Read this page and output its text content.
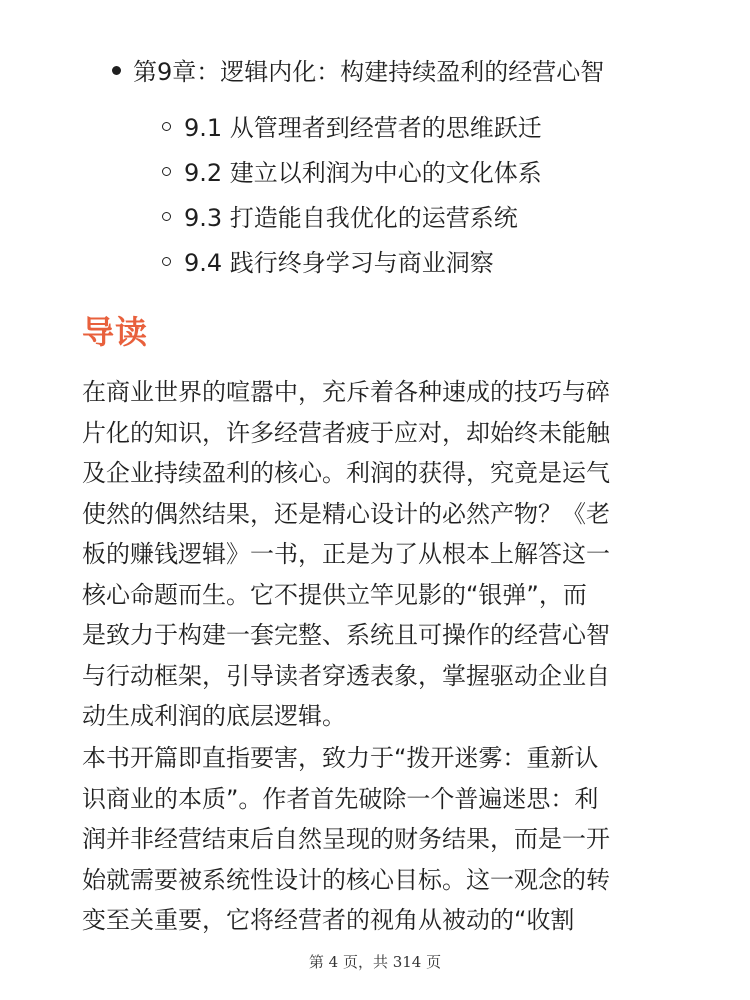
第9章：逻辑内化：构建持续盈利的经营心智
9.1 从管理者到经营者的思维跃迁
9.2 建立以利润为中心的文化体系
9.3 打造能自我优化的运营系统
9.4 践行终身学习与商业洞察
导读

在商业世界的喧嚣中，充斥着各种速成的技巧与碎
片化的知识，许多经营者疲于应对，却始终未能触
及企业持续盈利的核心。利润的获得，究竟是运气
使然的偶然结果，还是精心设计的必然产物？《老
板的赚钱逻辑》一书，正是为了从根本上解答这一
核心命题而生。它不提供立竿见影的“银弹”，而
是致力于构建一套完整、系统且可操作的经营心智
与行动框架，引导读者穿透表象，掌握驱动企业自
动生成利润的底层逻辑。

本书开篇即直指要害，致力于“拨开迷雾：重新认
识商业的本质”。作者首先破除一个普遍迷思：利
润并非经营结束后自然呈现的财务结果，而是一开
始就需要被系统性设计的核心目标。这一观念的转
变至关重要，它将经营者的视角从被动的“收割

第 4 页，共 314 页
